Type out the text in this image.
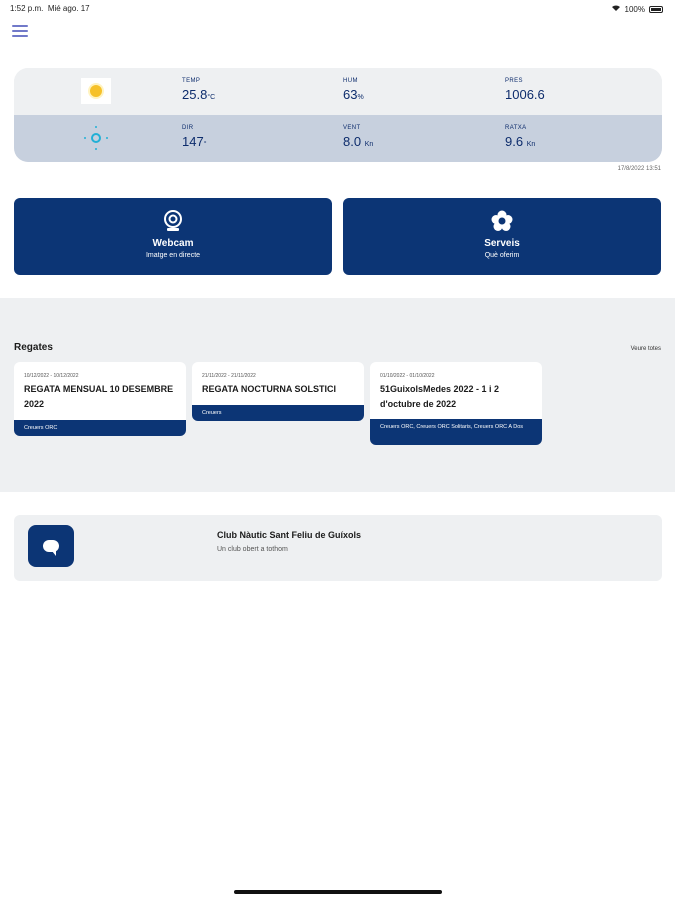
1:52 p.m. Mié ago. 17	100%
TEMP
25.8°C
HUM
63%
PRES
1006.6
DIR
147°
VENT
8.0 Kn
RATXA
9.6 Kn
17/8/2022 13:51
Webcam
Imatge en directe
Serveis
Què oferim
Regates	Veure totes
10/12/2022 - 10/12/2022
REGATA MENSUAL 10 DESEMBRE 2022
Creuers ORC
21/11/2022 - 21/11/2022
REGATA NOCTURNA SOLSTICI
Creuers
01/10/2022 - 01/10/2022
51GuixolsMedes 2022 - 1 i 2 d'octubre de 2022
Creuers ORC, Creuers ORC Solitaris, Creuers ORC A Dos
Club Nàutic Sant Feliu de Guíxols
Un club obert a tothom
